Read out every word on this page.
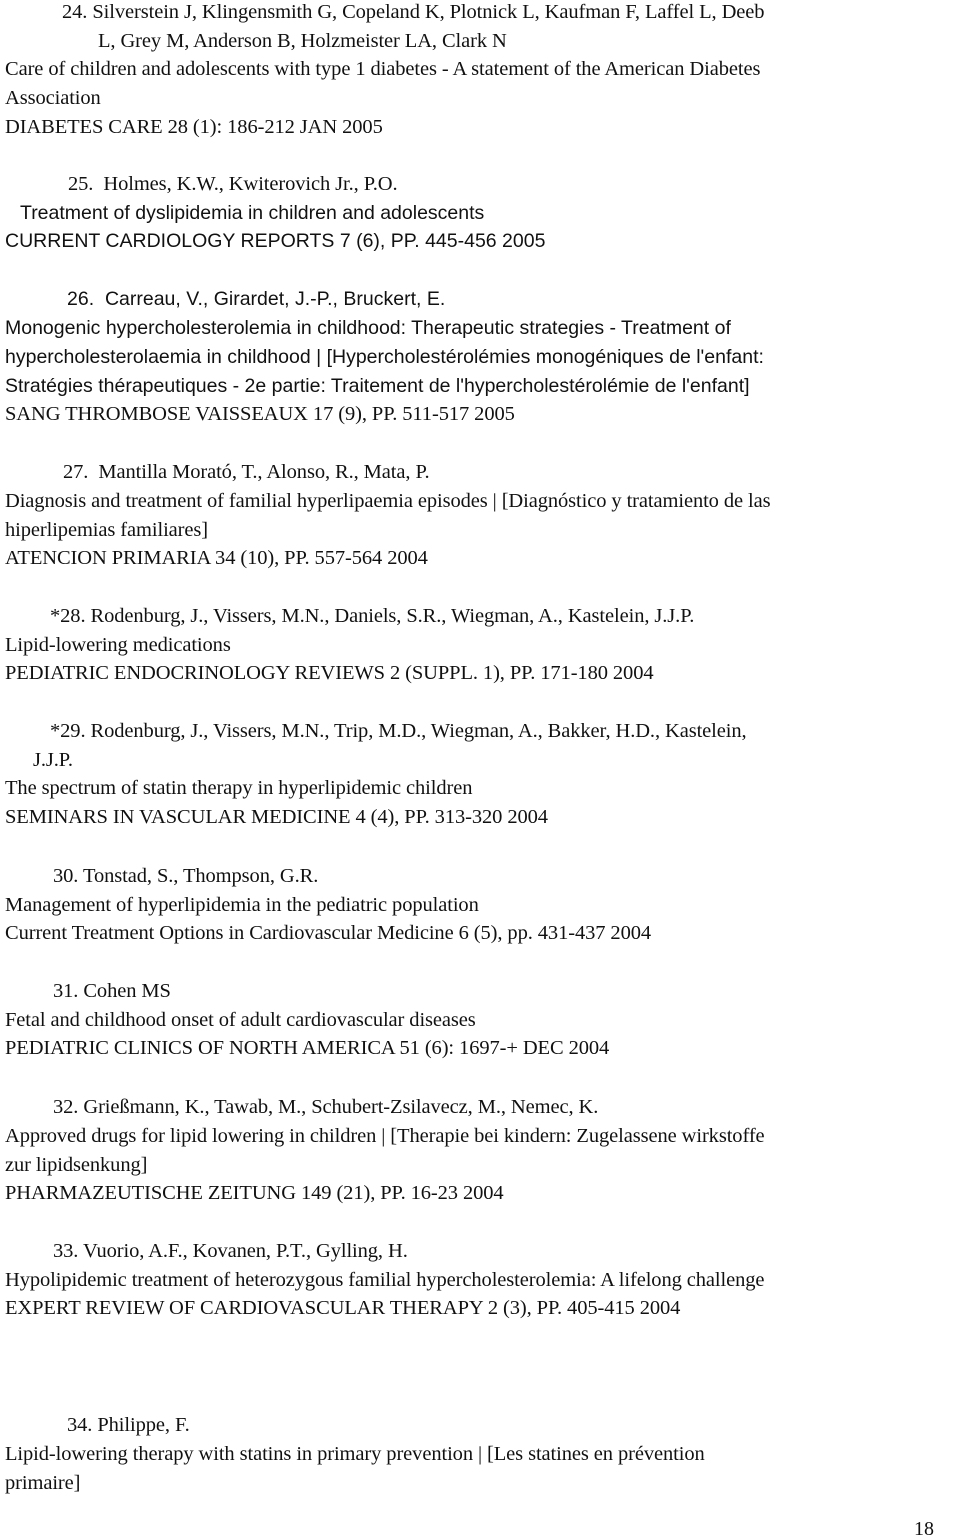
24. Silverstein J, Klingensmith G, Copeland K, Plotnick L, Kaufman F, Laffel L, Deeb
L, Grey M, Anderson B, Holzmeister LA, Clark N
Care of children and adolescents with type 1 diabetes - A statement of the American Diabetes
Association
DIABETES CARE 28 (1): 186-212 JAN 2005
25. Holmes, K.W., Kwiterovich Jr., P.O.
Treatment of dyslipidemia in children and adolescents
CURRENT CARDIOLOGY REPORTS 7 (6), PP. 445-456 2005
26. Carreau, V., Girardet, J.-P., Bruckert, E.
Monogenic hypercholesterolemia in childhood: Therapeutic strategies - Treatment of
hypercholesterolaemia in childhood | [Hypercholestérolémies monogéniques de l'enfant:
Stratégies thérapeutiques - 2e partie: Traitement de l'hypercholestérolémie de l'enfant]
SANG THROMBOSE VAISSEAUX 17 (9), PP. 511-517 2005
27. Mantilla Morató, T., Alonso, R., Mata, P.
Diagnosis and treatment of familial hyperlipaemia episodes | [Diagnóstico y tratamiento de las
hiperlipemias familiares]
ATENCION PRIMARIA 34 (10), PP. 557-564 2004
*28. Rodenburg, J., Vissers, M.N., Daniels, S.R., Wiegman, A., Kastelein, J.J.P.
Lipid-lowering medications
PEDIATRIC ENDOCRINOLOGY REVIEWS 2 (SUPPL. 1), PP. 171-180 2004
*29. Rodenburg, J., Vissers, M.N., Trip, M.D., Wiegman, A., Bakker, H.D., Kastelein,
J.J.P.
The spectrum of statin therapy in hyperlipidemic children
SEMINARS IN VASCULAR MEDICINE 4 (4), PP. 313-320 2004
30. Tonstad, S., Thompson, G.R.
Management of hyperlipidemia in the pediatric population
Current Treatment Options in Cardiovascular Medicine 6 (5), pp. 431-437 2004
31. Cohen MS
Fetal and childhood onset of adult cardiovascular diseases
PEDIATRIC CLINICS OF NORTH AMERICA 51 (6): 1697-+ DEC 2004
32. Grießmann, K., Tawab, M., Schubert-Zsilavecz, M., Nemec, K.
Approved drugs for lipid lowering in children | [Therapie bei kindern: Zugelassene wirkstoffe
zur lipidsenkung]
PHARMAZEUTISCHE ZEITUNG 149 (21), PP. 16-23 2004
33. Vuorio, A.F., Kovanen, P.T., Gylling, H.
Hypolipidemic treatment of heterozygous familial hypercholesterolemia: A lifelong challenge
EXPERT REVIEW OF CARDIOVASCULAR THERAPY 2 (3), PP. 405-415 2004
34. Philippe, F.
Lipid-lowering therapy with statins in primary prevention | [Les statines en prévention
primaire]
18
